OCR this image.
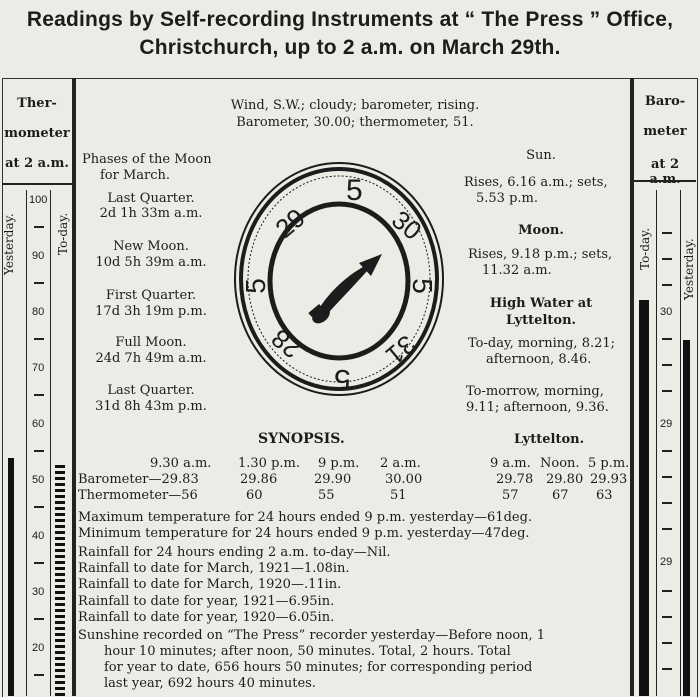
Readings by Self-recording Instruments at “ The Press ” Office,
Christchurch, up to 2 a.m. on March 29th.
Ther-
mometer
at 2 a.m.
Yesterday.	To-day.
100
90
80
70
60
50
40
30
20
Baro-
meter
at 2
To-day.	Yesterday.
30
29
29
Wind, S.W.; cloudy; barometer, rising.
Barometer, 30.00; thermometer, 51.
Phases of the Moon
for March.
Last Quarter.
2d 1h 33m a.m.
New Moon.
10d 5h 39m a.m.
First Quarter.
17d 3h 19m p.m.
Full Moon.
24d 7h 49m a.m.
Last Quarter.
31d 8h 43m p.m.
5
30
5
31
5
28
5
29
Sun.
Rises, 6.16 a.m.; sets,
5.53 p.m.
Moon.
Rises, 9.18 p.m.; sets,
11.32 a.m.
High Water at
Lyttelton.
To-day, morning, 8.21;
afternoon, 8.46.
To-morrow, morning,
9.11; afternoon, 9.36.
SYNOPSIS.	Lyttelton.
9.30 a.m. 1.30 p.m. 9 p.m. 2 a.m.	9 a.m. Noon. 5 p.m.
Barometer—29.83	29.86	29.90	30.00	29.78 29.80 29.93
Thermometer—56	60	55	51	57	67 63
Maximum temperature for 24 hours ended 9 p.m. yesterday—61deg.
Minimum temperature for 24 hours ended 9 p.m. yesterday—47deg.
Rainfall for 24 hours ending 2 a.m. to-day—Nil.
Rainfall to date for March, 1921—1.08in.
Rainfall to date for March, 1920—.11in.
Rainfall to date for year, 1921—6.95in.
Rainfall to date for year, 1920—6.05in.
Sunshine recorded on “The Press” recorder yesterday—Before noon, 1
hour 10 minutes; after noon, 50 minutes. Total, 2 hours. Total
for year to date, 656 hours 50 minutes; for corresponding period
last year, 692 hours 40 minutes.
